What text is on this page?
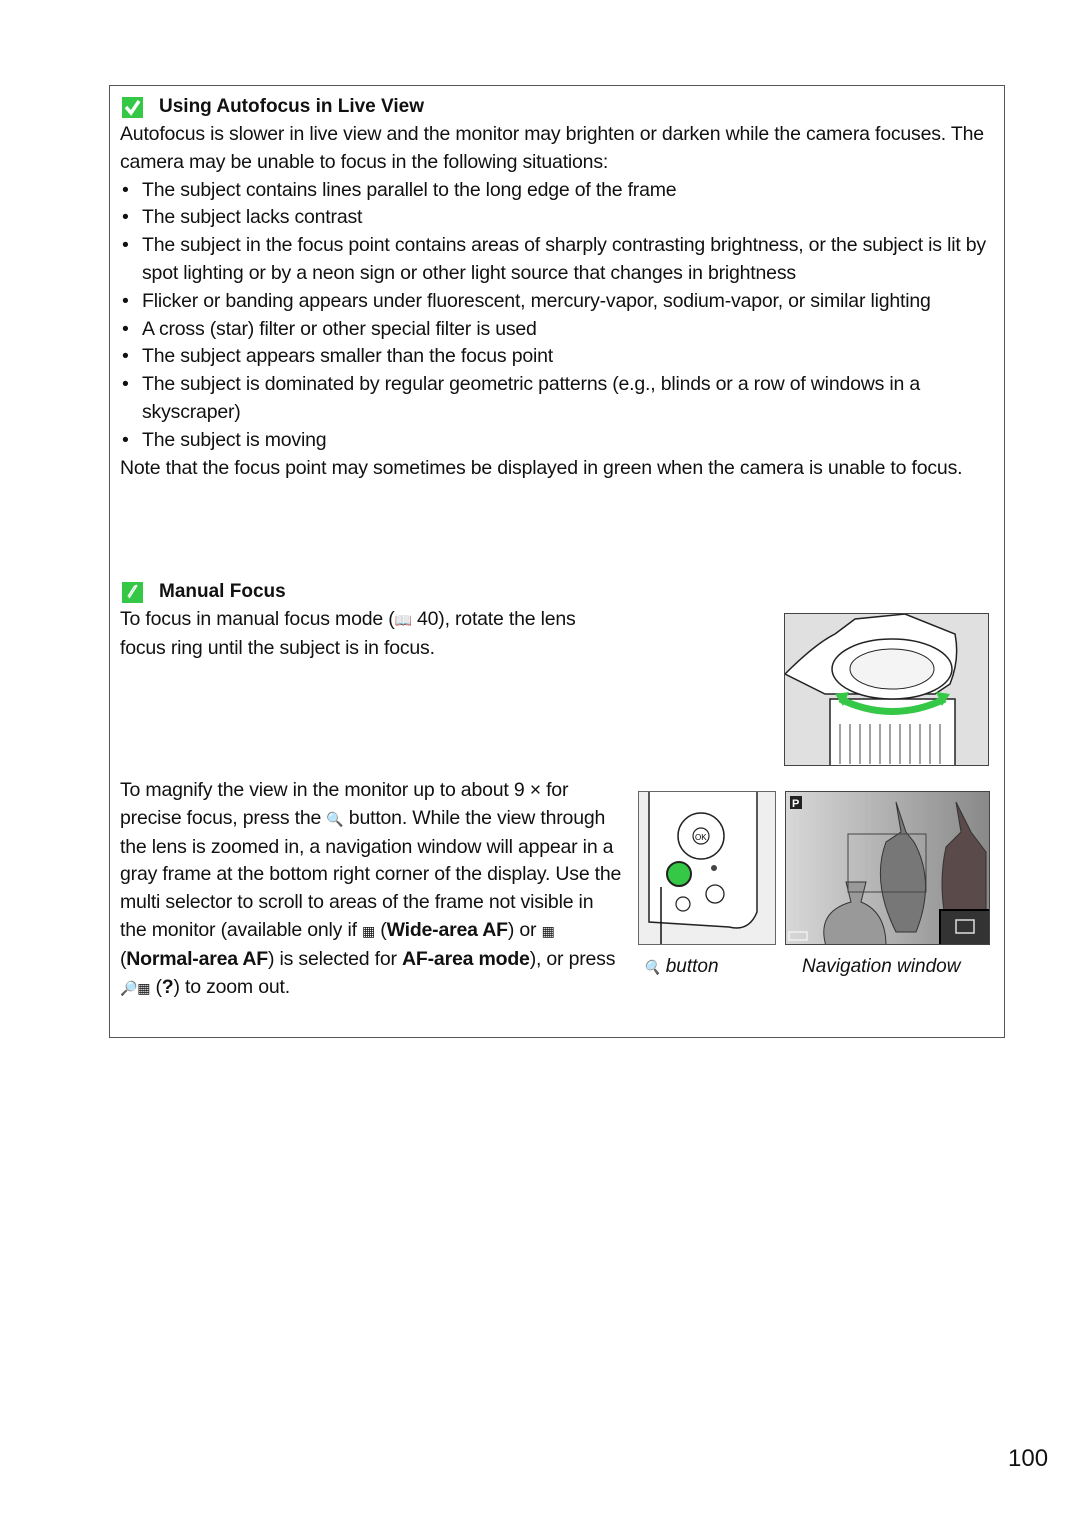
Using Autofocus in Live View
Autofocus is slower in live view and the monitor may brighten or darken while the camera focuses. The camera may be unable to focus in the following situations:
• The subject contains lines parallel to the long edge of the frame
• The subject lacks contrast
• The subject in the focus point contains areas of sharply contrasting brightness, or the subject is lit by spot lighting or by a neon sign or other light source that changes in brightness
• Flicker or banding appears under fluorescent, mercury-vapor, sodium-vapor, or similar lighting
• A cross (star) filter or other special filter is used
• The subject appears smaller than the focus point
• The subject is dominated by regular geometric patterns (e.g., blinds or a row of windows in a skyscraper)
• The subject is moving
Note that the focus point may sometimes be displayed in green when the camera is unable to focus.
Manual Focus
To focus in manual focus mode (📖 40), rotate the lens focus ring until the subject is in focus.
To magnify the view in the monitor up to about 9 × for precise focus, press the 🔍 button. While the view through the lens is zoomed in, a navigation window will appear in a gray frame at the bottom right corner of the display. Use the multi selector to scroll to areas of the frame not visible in the monitor (available only if ▦ (Wide-area AF) or ▦ (Normal-area AF) is selected for AF-area mode), or press 🔎▦ (?) to zoom out.
OK
🔍 button
P
Navigation window
100
